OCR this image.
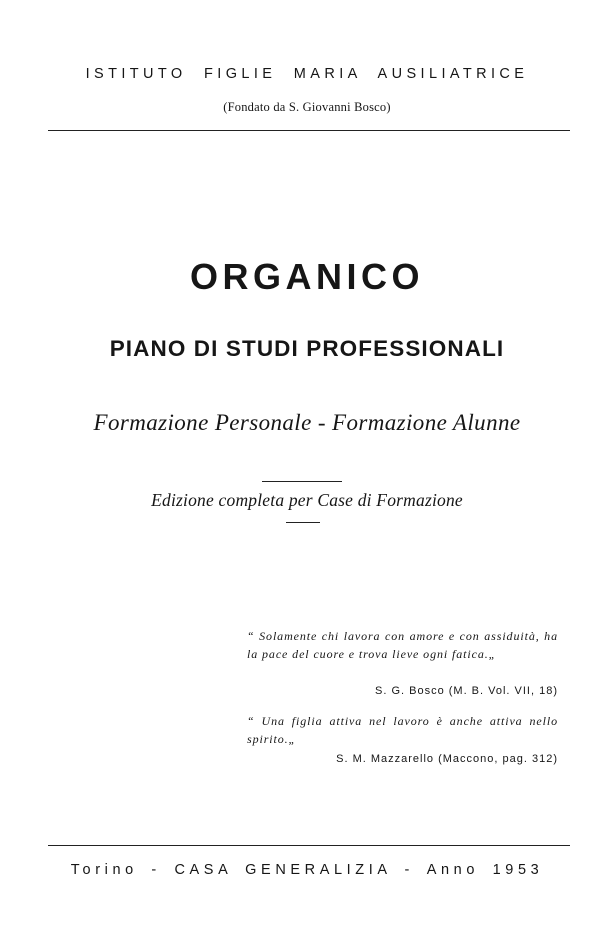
ISTITUTO FIGLIE MARIA AUSILIATRICE
(Fondato da S. Giovanni Bosco)
ORGANICO
PIANO DI STUDI PROFESSIONALI
Formazione Personale - Formazione Alunne
Edizione completa per Case di Formazione
“ Solamente chi lavora con amore e con assiduità, ha la pace del cuore e trova lieve ogni fatica.„
S. G. Bosco (M. B. Vol. VII, 18)
“ Una figlia attiva nel lavoro è anche attiva nello spirito.„
S. M. Mazzarello (Maccono, pag. 312)
Torino - CASA GENERALIZIA - Anno 1953
